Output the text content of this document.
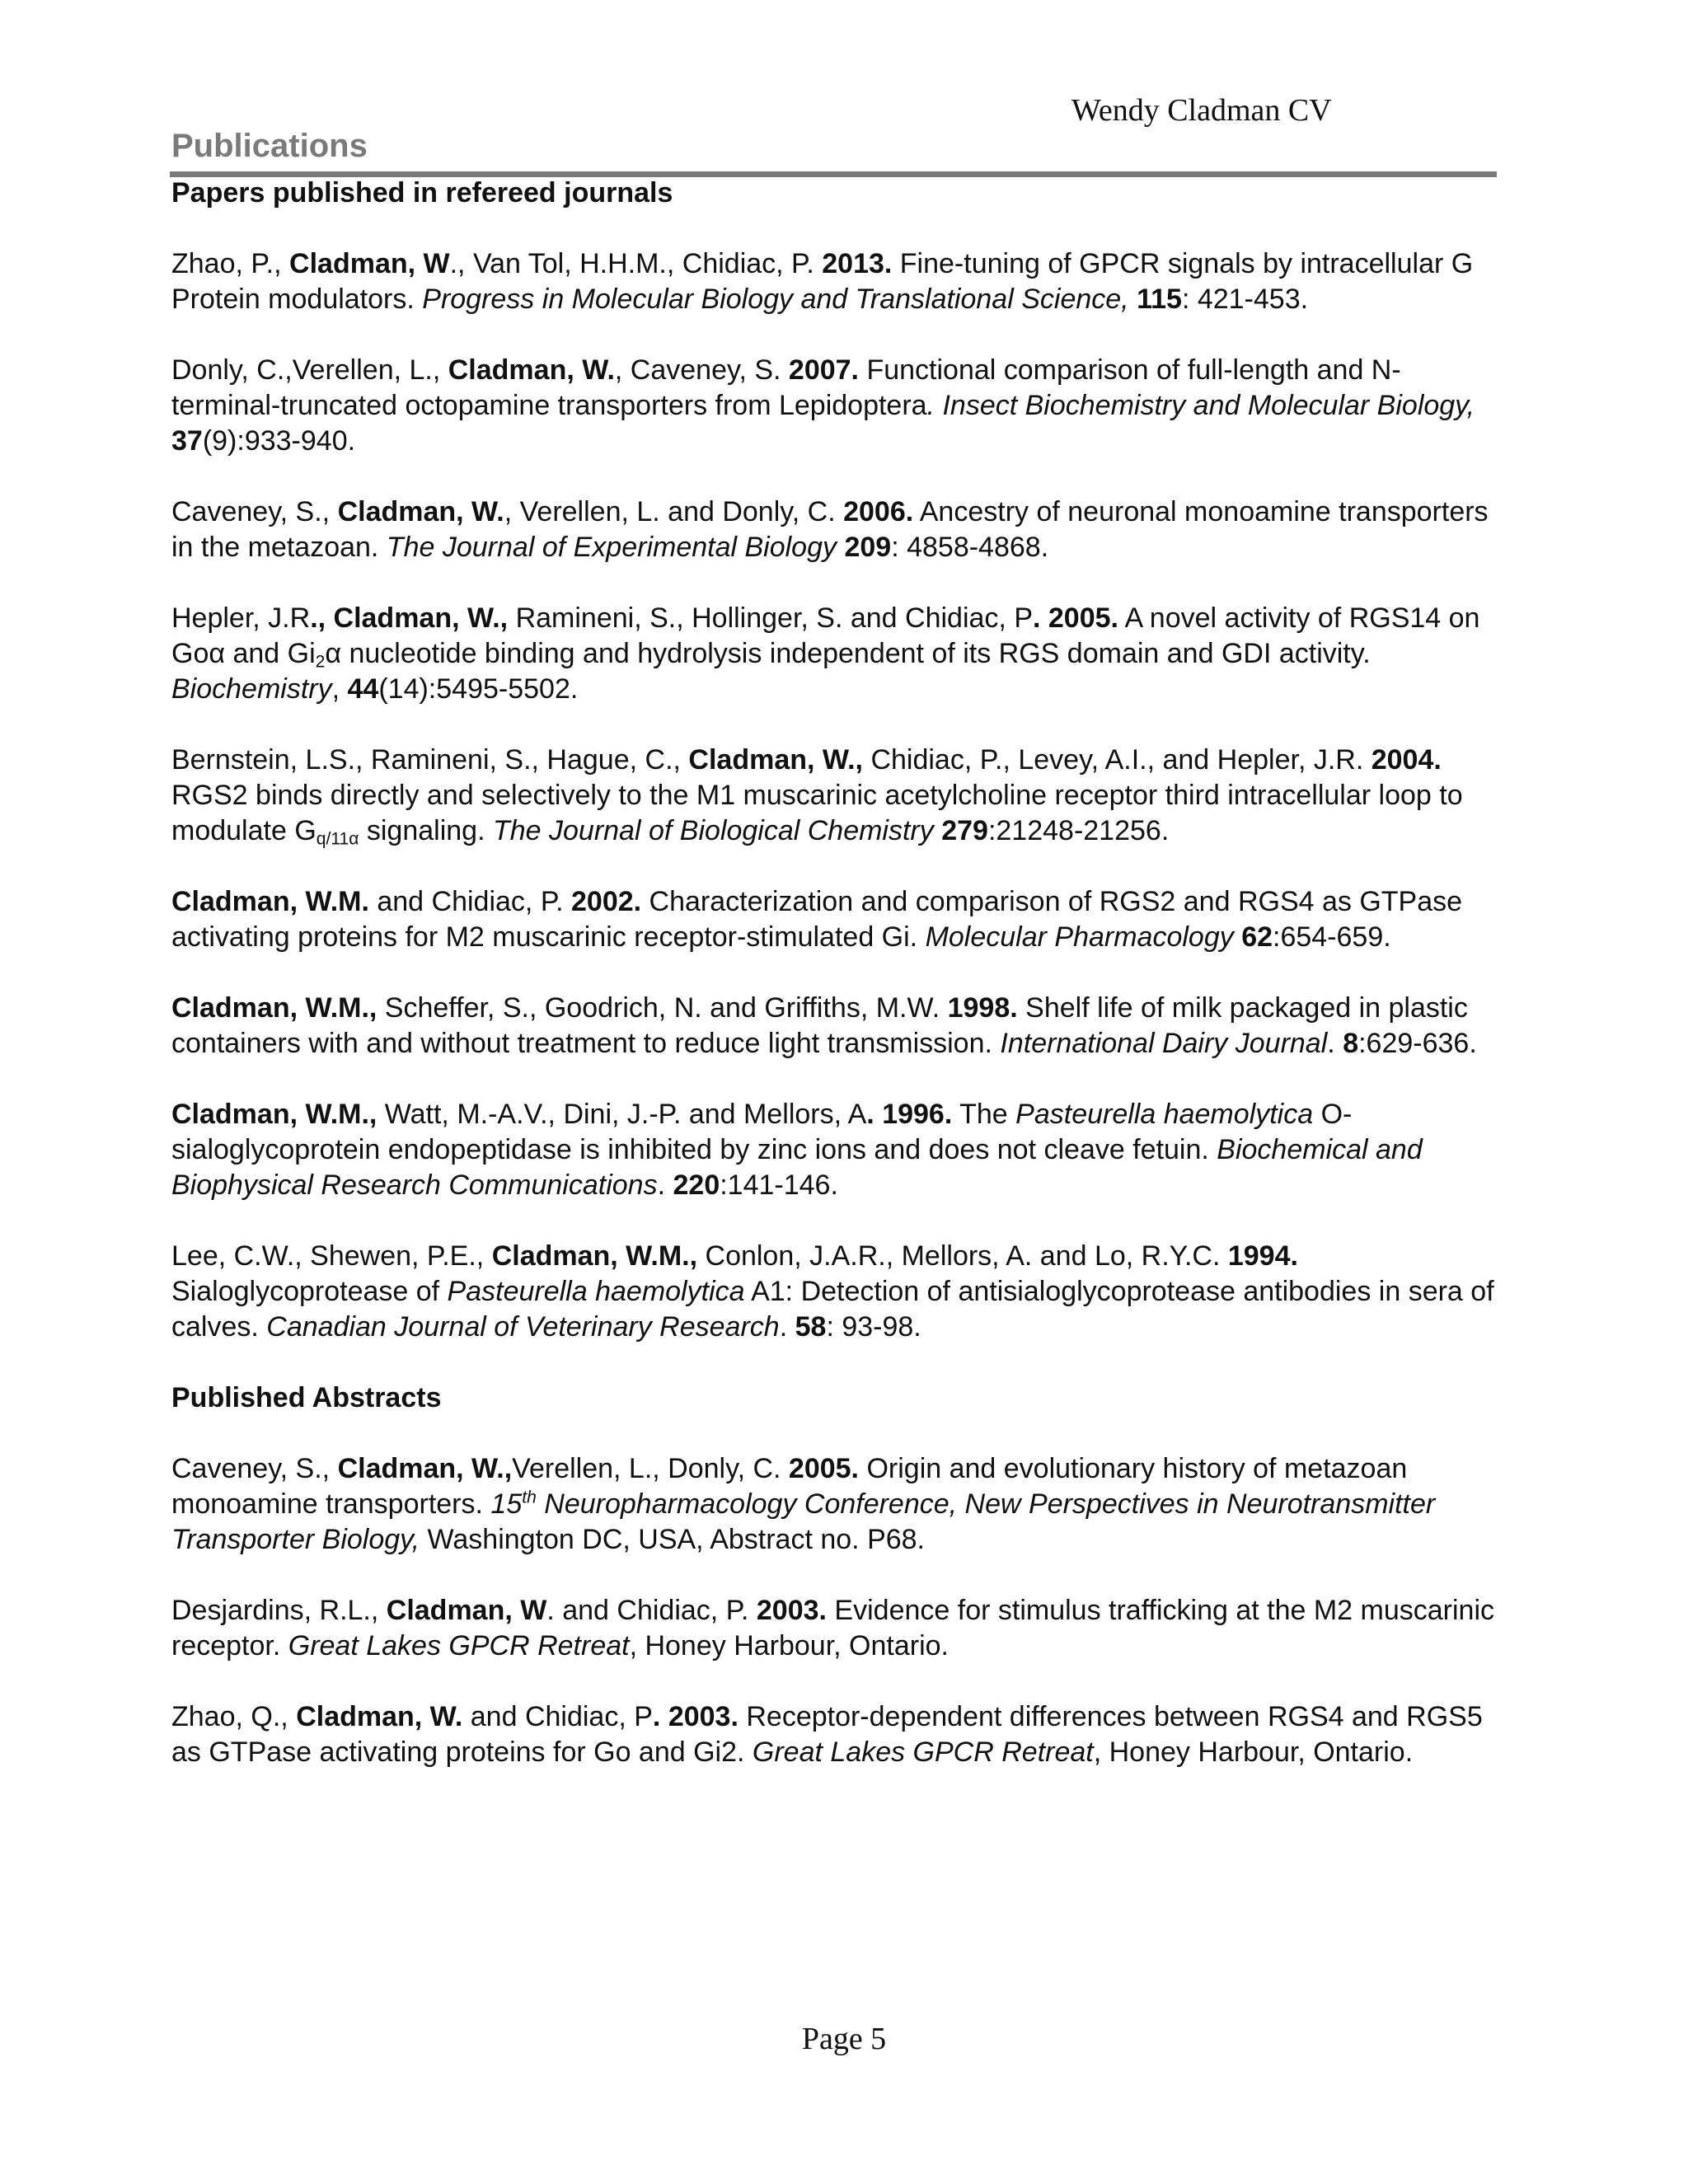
Wendy Cladman CV
Publications
Papers published in refereed journals

Zhao, P., Cladman, W., Van Tol, H.H.M., Chidiac, P. 2013. Fine-tuning of GPCR signals by intracellular G Protein modulators. Progress in Molecular Biology and Translational Science, 115: 421-453.

Donly, C.,Verellen, L., Cladman, W., Caveney, S. 2007. Functional comparison of full-length and N-terminal-truncated octopamine transporters from Lepidoptera. Insect Biochemistry and Molecular Biology, 37(9):933-940.

Caveney, S., Cladman, W., Verellen, L. and Donly, C. 2006. Ancestry of neuronal monoamine transporters in the metazoan. The Journal of Experimental Biology 209: 4858-4868.

Hepler, J.R., Cladman, W., Ramineni, S., Hollinger, S. and Chidiac, P. 2005. A novel activity of RGS14 on Goα and Gi2α nucleotide binding and hydrolysis independent of its RGS domain and GDI activity. Biochemistry, 44(14):5495-5502.

Bernstein, L.S., Ramineni, S., Hague, C., Cladman, W., Chidiac, P., Levey, A.I., and Hepler, J.R. 2004. RGS2 binds directly and selectively to the M1 muscarinic acetylcholine receptor third intracellular loop to modulate Gq/11α signaling. The Journal of Biological Chemistry 279:21248-21256.

Cladman, W.M. and Chidiac, P. 2002. Characterization and comparison of RGS2 and RGS4 as GTPase activating proteins for M2 muscarinic receptor-stimulated Gi. Molecular Pharmacology 62:654-659.

Cladman, W.M., Scheffer, S., Goodrich, N. and Griffiths, M.W. 1998. Shelf life of milk packaged in plastic containers with and without treatment to reduce light transmission. International Dairy Journal. 8:629-636.

Cladman, W.M., Watt, M.-A.V., Dini, J.-P. and Mellors, A. 1996. The Pasteurella haemolytica O-sialoglycoprotein endopeptidase is inhibited by zinc ions and does not cleave fetuin. Biochemical and Biophysical Research Communications. 220:141-146.

Lee, C.W., Shewen, P.E., Cladman, W.M., Conlon, J.A.R., Mellors, A. and Lo, R.Y.C. 1994. Sialoglycoprotease of Pasteurella haemolytica A1: Detection of antisialoglycoprotease antibodies in sera of calves. Canadian Journal of Veterinary Research. 58: 93-98.

Published Abstracts

Caveney, S., Cladman, W.,Verellen, L., Donly, C. 2005. Origin and evolutionary history of metazoan monoamine transporters. 15th Neuropharmacology Conference, New Perspectives in Neurotransmitter Transporter Biology, Washington DC, USA, Abstract no. P68.

Desjardins, R.L., Cladman, W. and Chidiac, P. 2003. Evidence for stimulus trafficking at the M2 muscarinic receptor. Great Lakes GPCR Retreat, Honey Harbour, Ontario.

Zhao, Q., Cladman, W. and Chidiac, P. 2003. Receptor-dependent differences between RGS4 and RGS5 as GTPase activating proteins for Go and Gi2. Great Lakes GPCR Retreat, Honey Harbour, Ontario.

Page 5
